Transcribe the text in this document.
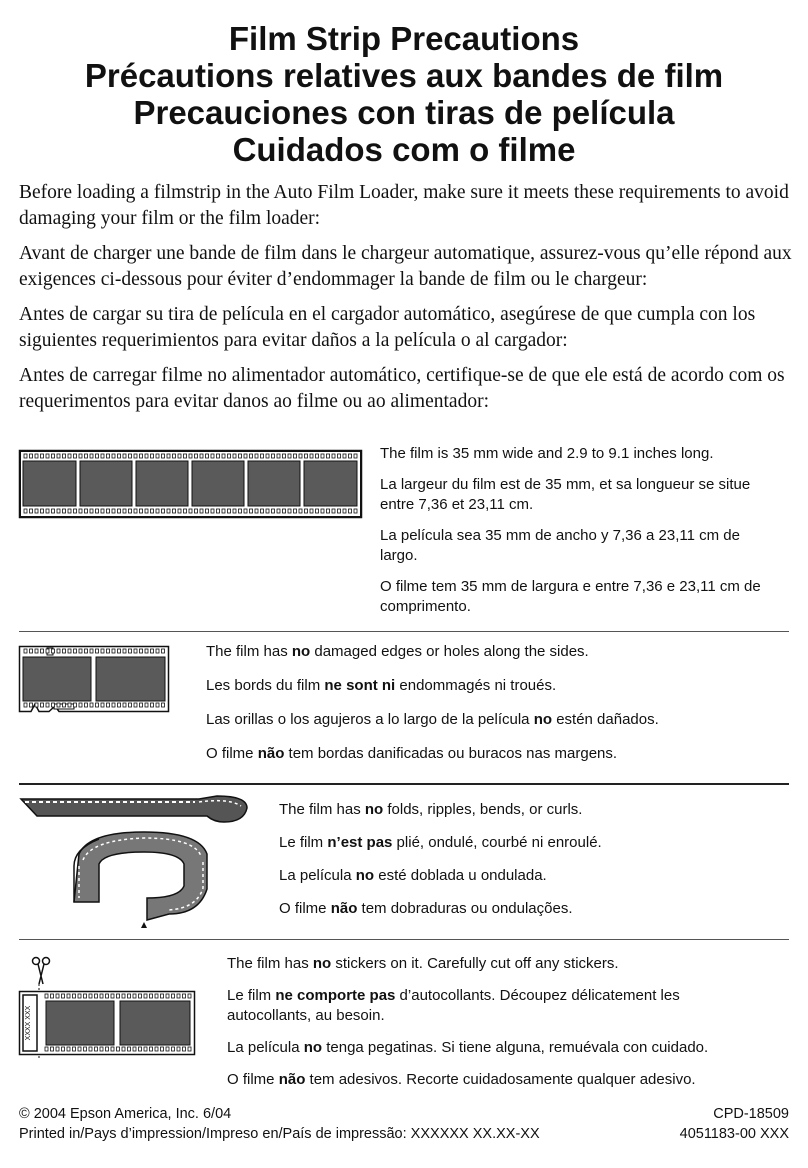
Film Strip Precautions
Précautions relatives aux bandes de film
Precauciones con tiras de película
Cuidados com o filme

Before loading a filmstrip in the Auto Film Loader, make sure it meets these requirements to avoid damaging your film or the film loader:

Avant de charger une bande de film dans le chargeur automatique, assurez-vous qu’elle répond aux exigences ci-dessous pour éviter d’endommager la bande de film ou le chargeur:

Antes de cargar su tira de película en el cargador automático, asegúrese de que cumpla con los siguientes requerimientos para evitar daños a la película o al cargador:

Antes de carregar filme no alimentador automático, certifique-se de que ele está de acordo com os requerimentos para evitar danos ao filme ou ao alimentador:

The film is 35 mm wide and 2.9 to 9.1 inches long.

La largeur du film est de 35 mm, et sa longueur se situe entre 7,36 et 23,11 cm.

La película sea 35 mm de ancho y 7,36 a 23,11 cm de largo.

O filme tem 35 mm de largura e entre 7,36 e 23,11 cm de comprimento.

The film has no damaged edges or holes along the sides.

Les bords du film ne sont ni endommagés ni troués.

Las orillas o los agujeros a lo largo de la película no estén dañados.

O filme não tem bordas danificadas ou buracos nas margens.

The film has no folds, ripples, bends, or curls.

Le film n’est pas plié, ondulé, courbé ni enroulé.

La película no esté doblada u ondulada.

O filme não tem dobraduras ou ondulações.

XXXX XXX

The film has no stickers on it. Carefully cut off any stickers.

Le film ne comporte pas d’autocollants. Découpez délicatement les autocollants, au besoin.

La película no tenga pegatinas. Si tiene alguna, remuévala con cuidado.

O filme não tem adesivos. Recorte cuidadosamente qualquer adesivo.

© 2004 Epson America, Inc. 6/04
Printed in/Pays d’impression/Impreso en/País de impressão: XXXXXX XX.XX-XX
CPD-18509
4051183-00 XXX
